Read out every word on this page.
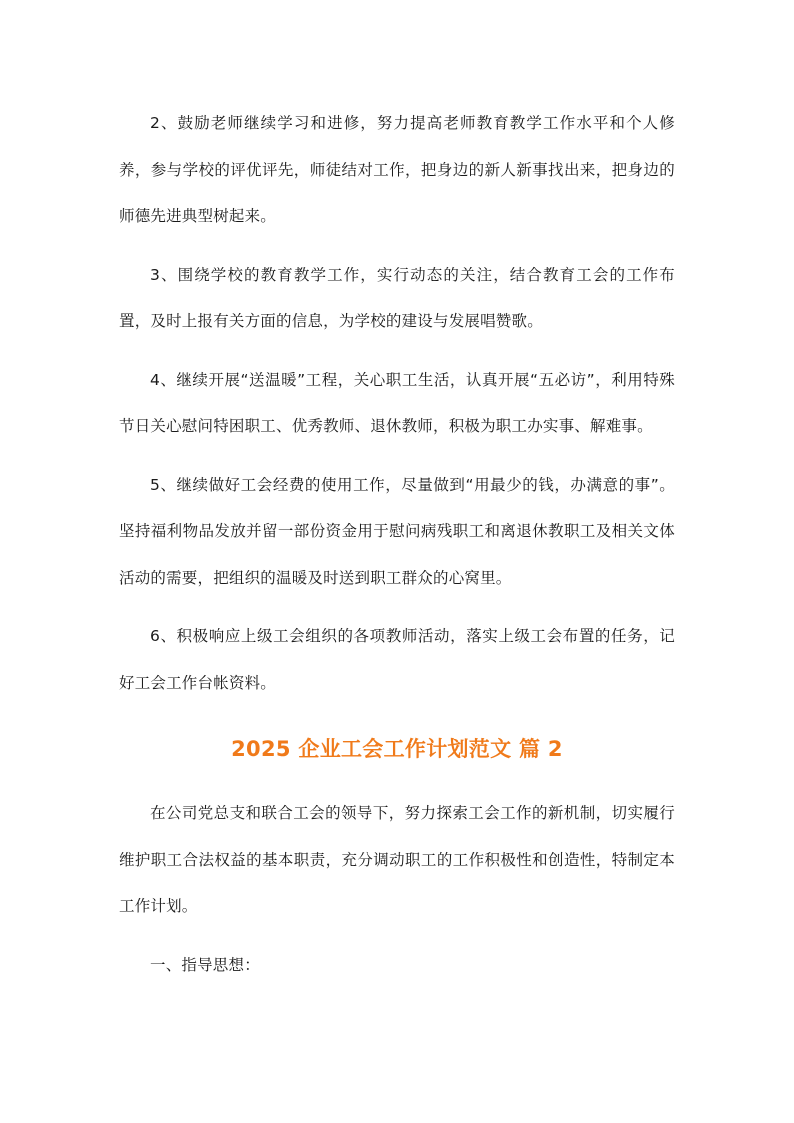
2、鼓励老师继续学习和进修，努力提高老师教育教学工作水平和个人修养，参与学校的评优评先，师徒结对工作，把身边的新人新事找出来，把身边的师德先进典型树起来。

3、围绕学校的教育教学工作，实行动态的关注，结合教育工会的工作布置，及时上报有关方面的信息，为学校的建设与发展唱赞歌。

4、继续开展“送温暖”工程，关心职工生活，认真开展“五必访”，利用特殊节日关心慰问特困职工、优秀教师、退休教师，积极为职工办实事、解难事。

5、继续做好工会经费的使用工作，尽量做到“用最少的钱，办满意的事”。坚持福利物品发放并留一部份资金用于慰问病残职工和离退休教职工及相关文体活动的需要，把组织的温暖及时送到职工群众的心窝里。

6、积极响应上级工会组织的各项教师活动，落实上级工会布置的任务，记好工会工作台帐资料。

2025 企业工会工作计划范文 篇 2

在公司党总支和联合工会的领导下，努力探索工会工作的新机制，切实履行维护职工合法权益的基本职责，充分调动职工的工作积极性和创造性，特制定本工作计划。

一、指导思想：
